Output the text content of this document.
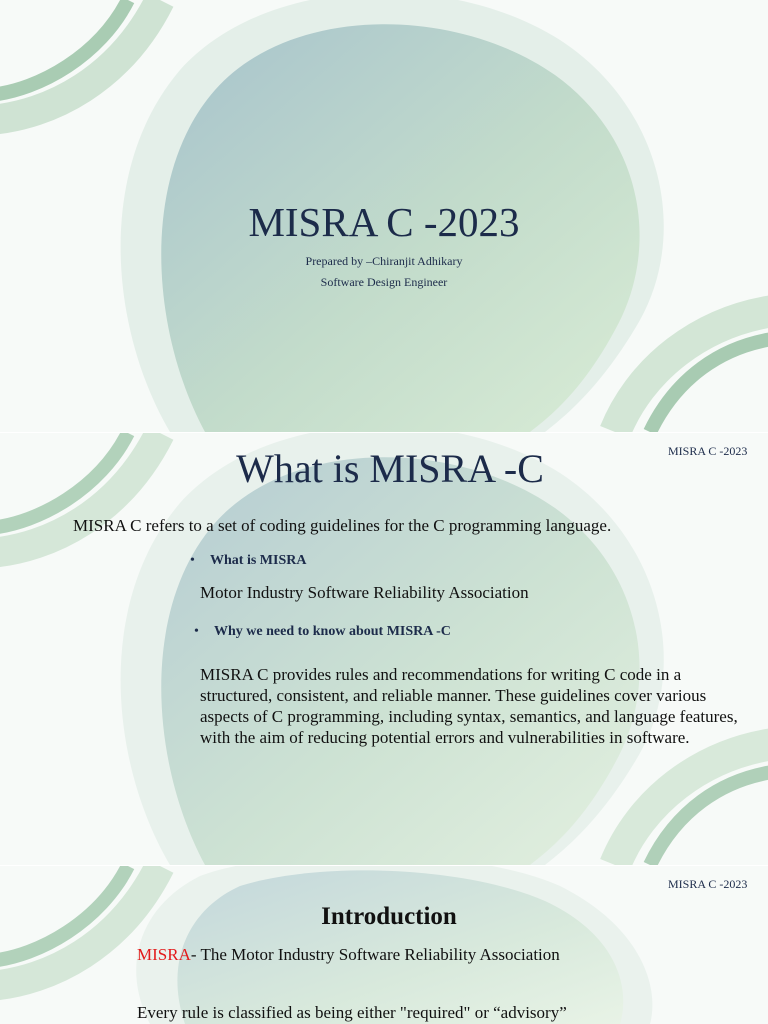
MISRA C -2023
Prepared by –Chiranjit Adhikary
Software Design Engineer
MISRA C -2023
What is MISRA -C
MISRA C refers to a set of coding guidelines for the C programming language.
• What is MISRA
Motor Industry Software Reliability Association
• Why we need to know about MISRA -C
MISRA C provides rules and recommendations for writing C code in a structured, consistent, and reliable manner. These guidelines cover various aspects of C programming, including syntax, semantics, and language features, with the aim of reducing potential errors and vulnerabilities in software.
MISRA C -2023
Introduction
MISRA- The Motor Industry Software Reliability Association
Every rule is classified as being either "required" or “advisory”
